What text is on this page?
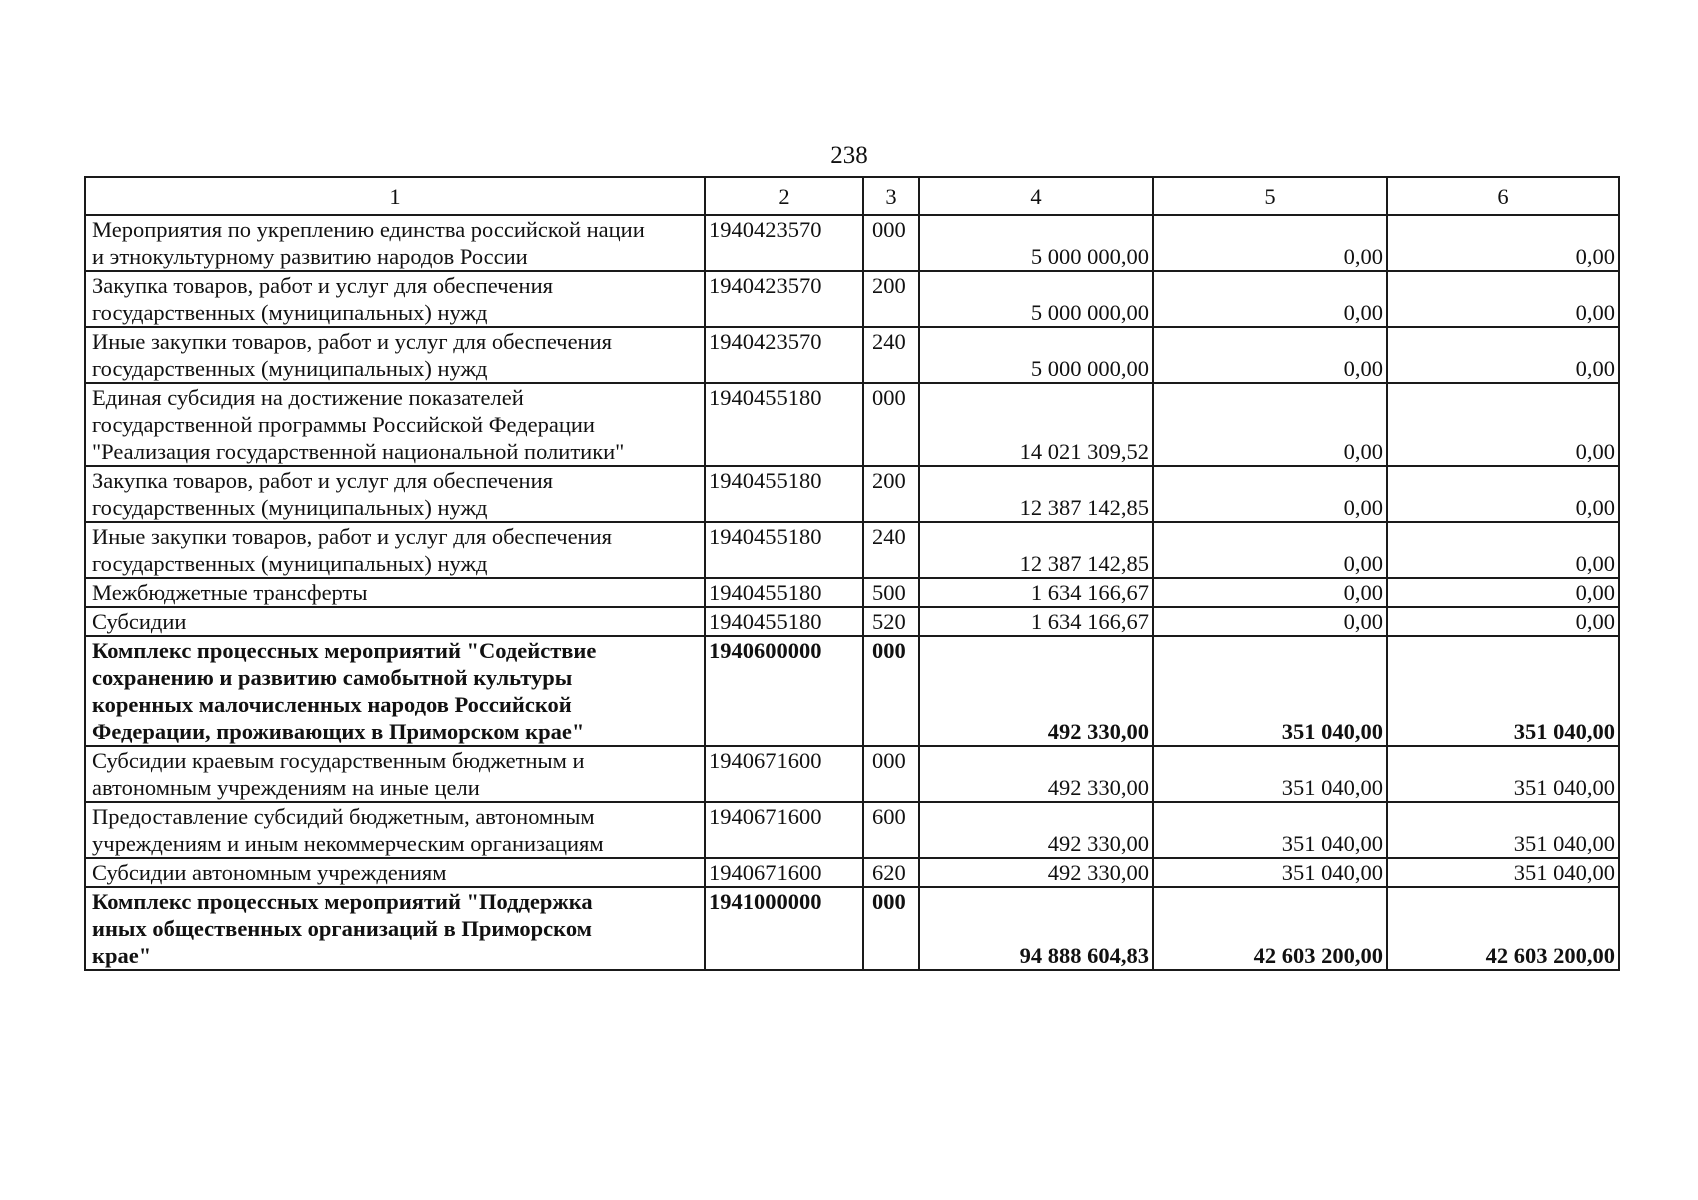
238
1	2	3	4	5	6

Мероприятия по укреплению единства российской нации
и этнокультурному развитию народов России	1940423570	000	5 000 000,00	0,00	0,00

Закупка товаров, работ и услуг для обеспечения
государственных (муниципальных) нужд	1940423570	200	5 000 000,00	0,00	0,00

Иные закупки товаров, работ и услуг для обеспечения
государственных (муниципальных) нужд	1940423570	240	5 000 000,00	0,00	0,00

Единая субсидия на достижение показателей
государственной программы Российской Федерации
"Реализация государственной национальной политики"	1940455180	000	14 021 309,52	0,00	0,00

Закупка товаров, работ и услуг для обеспечения
государственных (муниципальных) нужд	1940455180	200	12 387 142,85	0,00	0,00

Иные закупки товаров, работ и услуг для обеспечения
государственных (муниципальных) нужд	1940455180	240	12 387 142,85	0,00	0,00

Межбюджетные трансферты	1940455180	500	1 634 166,67	0,00	0,00

Субсидии	1940455180	520	1 634 166,67	0,00	0,00

Комплекс процессных мероприятий "Содействие
сохранению и развитию самобытной культуры
коренных малочисленных народов Российской
Федерации, проживающих в Приморском крае"	1940600000	000	492 330,00	351 040,00	351 040,00

Субсидии краевым государственным бюджетным и
автономным учреждениям на иные цели	1940671600	000	492 330,00	351 040,00	351 040,00

Предоставление субсидий бюджетным, автономным
учреждениям и иным некоммерческим организациям	1940671600	600	492 330,00	351 040,00	351 040,00

Субсидии автономным учреждениям	1940671600	620	492 330,00	351 040,00	351 040,00

Комплекс процессных мероприятий "Поддержка
иных общественных организаций в Приморском
крае"	1941000000	000	94 888 604,83	42 603 200,00	42 603 200,00
